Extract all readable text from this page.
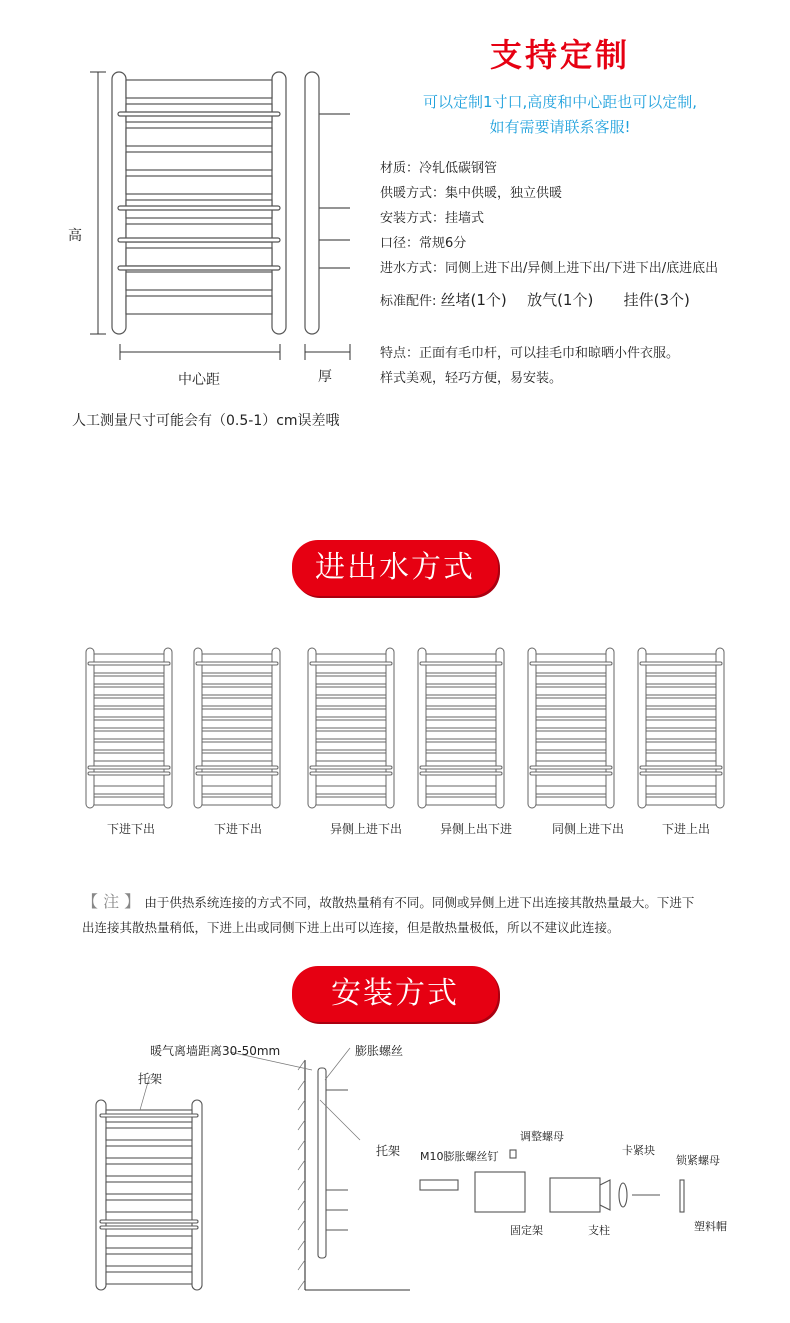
支持定制
可以定制1寸口,高度和中心距也可以定制,
如有需要请联系客服!
材质：冷轧低碳钢管
供暖方式：集中供暖，独立供暖
安装方式：挂墙式
口径：常规6分
进水方式：同侧上进下出/异侧上进下出/下进下出/底进底出
标准配件: 丝堵(1个) 放气(1个) 挂件(3个)
特点：正面有毛巾杆，可以挂毛巾和晾晒小件衣服。
样式美观，轻巧方便，易安装。
高
中心距	厚
人工测量尺寸可能会有（0.5-1）cm误差哦
进出水方式
下进下出	下进下出	异侧上进下出	异侧上出下进	同侧上进下出	下进上出
【 注 】 由于供热系统连接的方式不同，故散热量稍有不同。同侧或异侧上进下出连接其散热量最大。下进下
出连接其散热量稍低，下进上出或同侧下进上出可以连接，但是散热量极低，所以不建议此连接。
安装方式
暖气离墙距离30-50mm
托架
膨胀螺丝
托架 M10膨胀螺丝钉
调整螺母
卡紧块
锁紧螺母
固定架	支柱	塑料帽
